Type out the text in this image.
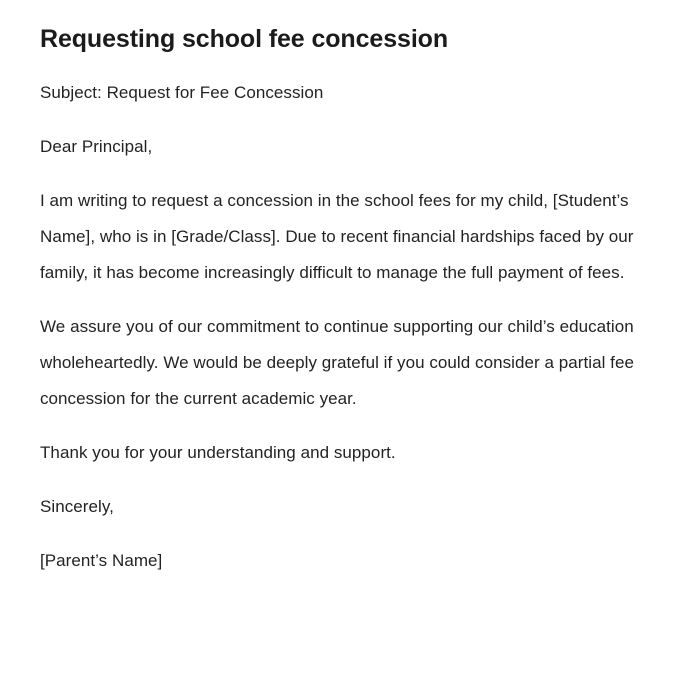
Requesting school fee concession

Subject: Request for Fee Concession

Dear Principal,

I am writing to request a concession in the school fees for my child, [Student’s Name], who is in [Grade/Class]. Due to recent financial hardships faced by our family, it has become increasingly difficult to manage the full payment of fees.

We assure you of our commitment to continue supporting our child’s education wholeheartedly. We would be deeply grateful if you could consider a partial fee concession for the current academic year.

Thank you for your understanding and support.

Sincerely,

[Parent’s Name]
